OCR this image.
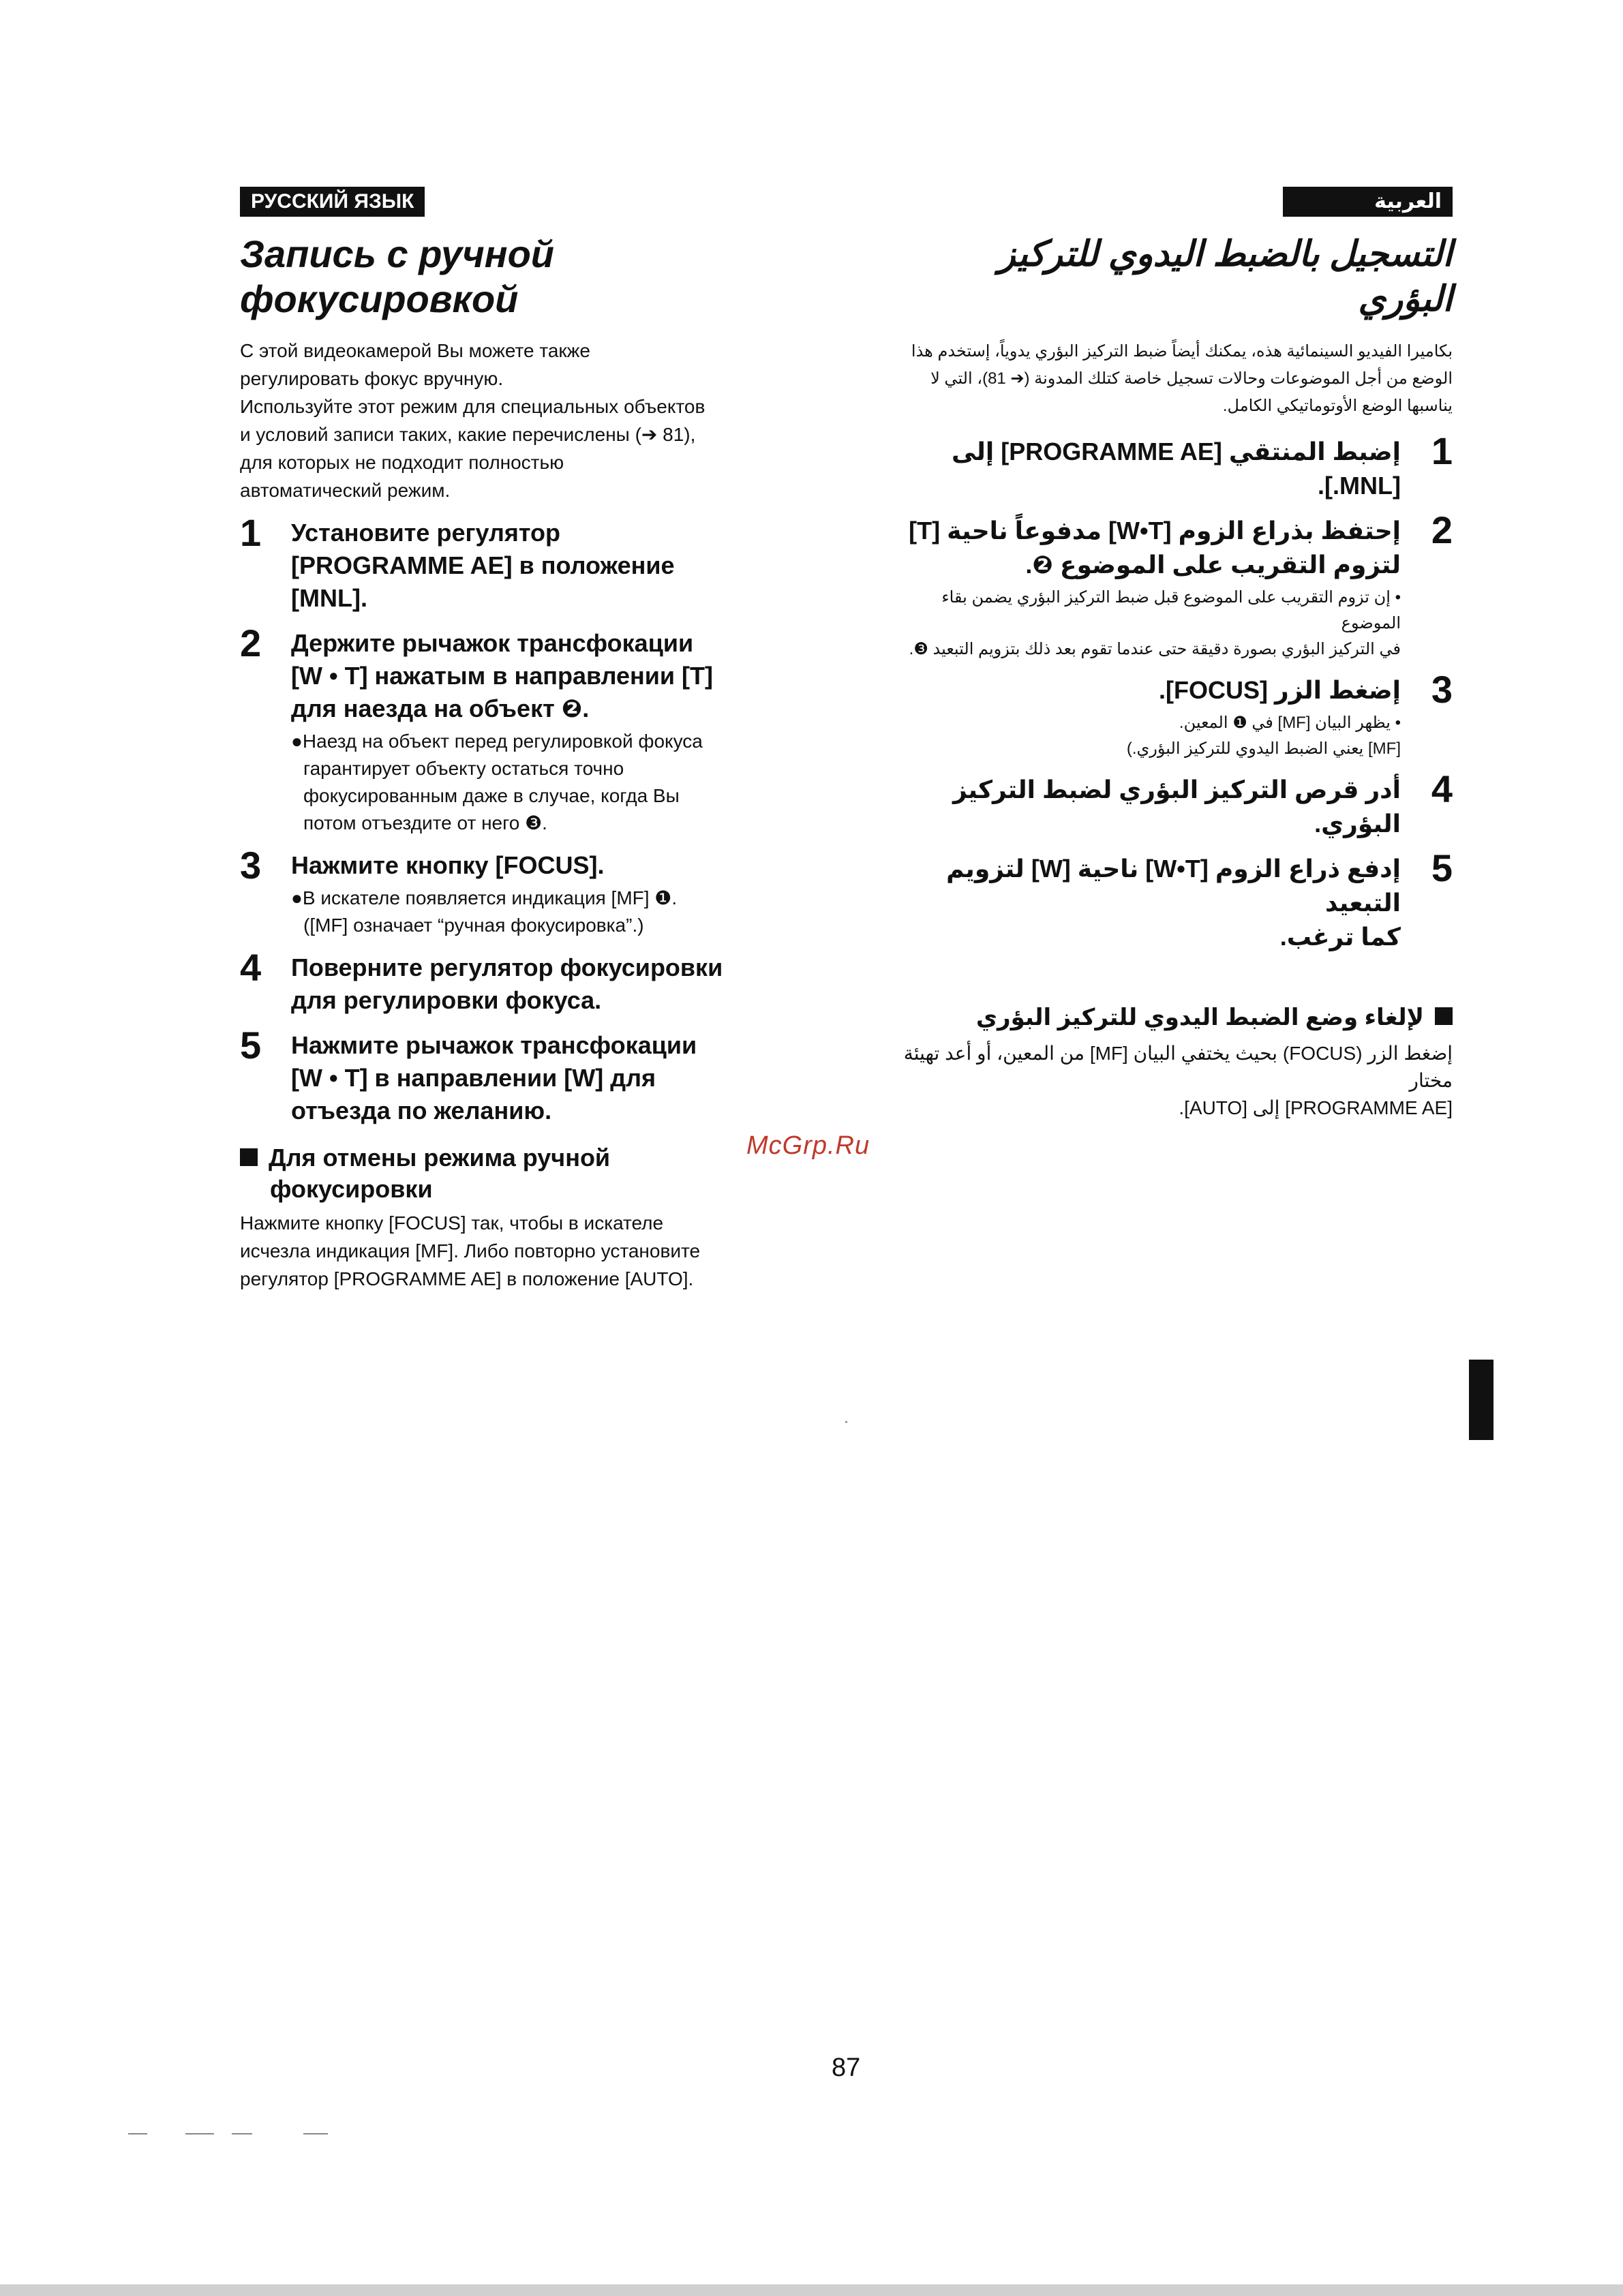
РУССКИЙ ЯЗЫК	العربية
Запись с ручной
фокусировкой
С этой видеокамерой Вы можете также
регулировать фокус вручную.
Используйте этот режим для специальных объектов
и условий записи таких, какие перечислены (➔ 81),
для которых не подходит полностью
автоматический режим.
1 Установите регулятор
[PROGRAMME AE] в положение
[MNL].
2 Держите рычажок трансфокации
[W • T] нажатым в направлении [T]
для наезда на объект ❷.
●Наезд на объект перед регулировкой фокуса
гарантирует объекту остаться точно
фокусированным даже в случае, когда Вы
потом отъездите от него ❸.
3 Нажмите кнопку [FOCUS].
●В искателе появляется индикация [MF] ❶.
([MF] означает “ручная фокусировка”.)
4 Поверните регулятор фокусировки
для регулировки фокуса.
5 Нажмите рычажок трансфокации
[W • T] в направлении [W] для
отъезда по желанию.
Для отмены режима ручной
фокусировки
Нажмите кнопку [FOCUS] так, чтобы в искателе
исчезла индикация [MF]. Либо повторно установите
регулятор [PROGRAMME AE] в положение [AUTO].
التسجيل بالضبط اليدوي للتركيز
البؤري
بكاميرا الفيديو السينمائية هذه، يمكنك أيضاً ضبط التركيز البؤري يدوياً، إستخدم هذا
الوضع من أجل الموضوعات وحالات تسجيل خاصة كتلك المدونة (➔ 81)، التي لا
يناسبها الوضع الأوتوماتيكي الكامل.
1
إضبط المنتقي [PROGRAMME AE] إلى
[MNL.].
2
إحتفظ بذراع الزوم [W•T] مدفوعاً ناحية [T]
لتزوم التقريب على الموضوع ❷.
• إن تزوم التقريب على الموضوع قبل ضبط التركيز البؤري يضمن بقاء الموضوع
في التركيز البؤري بصورة دقيقة حتى عندما تقوم بعد ذلك بتزويم التبعيد ❸.
3
إضغط الزر [FOCUS].
• يظهر البيان [MF] في ❶ المعين.
[MF] يعني الضبط اليدوي للتركيز البؤري.)
4
أدر قرص التركيز البؤري لضبط التركيز البؤري.
5
إدفع ذراع الزوم [W•T] ناحية [W] لتزويم التبعيد
كما ترغب.
لإلغاء وضع الضبط اليدوي للتركيز البؤري
إضغط الزر (FOCUS) بحيث يختفي البيان [MF] من المعين، أو أعد تهيئة مختار
[PROGRAMME AE] إلى [AUTO].
McGrp.Ru
87
